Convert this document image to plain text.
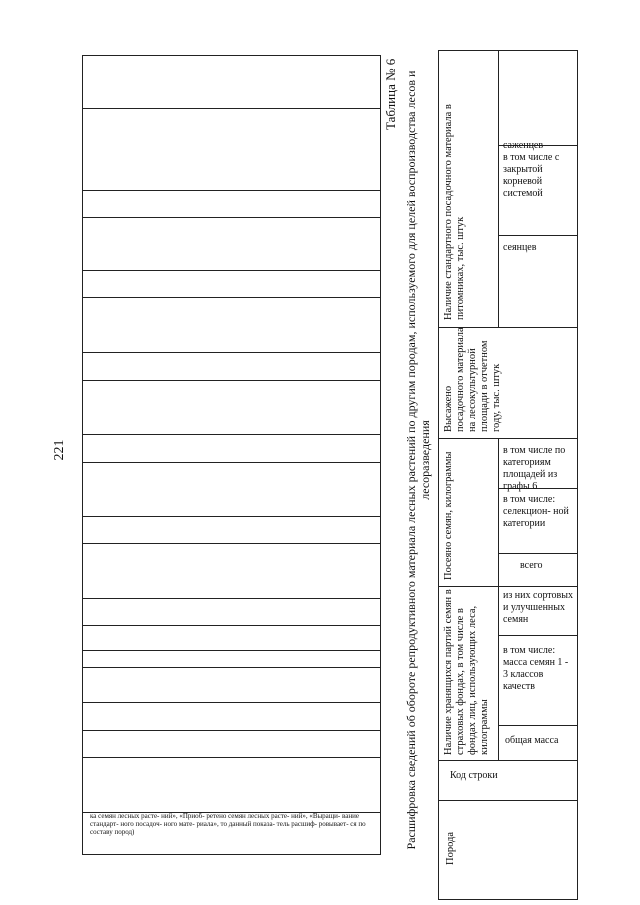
221
ка семян лесных расте- ний», «Приоб- ретено семян лесных расте- ний», «Выращи- вание стандарт- ного посадоч- ного мате- риала», то данный показа- тель расшиф- ровывает- ся по составу пород)
Таблица № 6 Расшифровка сведений об обороте репродуктивного материала лесных растений по другим породам, используемого для целей воспроизводства лесов и лесоразведения
Наличие стандартного посадочного материала в питомниках, тыс. штук
саженцев
в том числе с закрытой корневой системой
сеянцев
Высажено посадочного материала на лесокультурной площади в отчетном году, тыс. штук
Посеяно семян, килограммы
в том числе по категориям площадей из графы 6
в том числе: селекцион- ной категории
всего
Наличие хранящихся партий семян в страховых фондах, в том числе в фондах лиц, использующих леса, килограммы
из них сортовых и улучшенных семян
в том числе: масса семян 1 - 3 классов качеств
общая масса
Код строки
Порода
